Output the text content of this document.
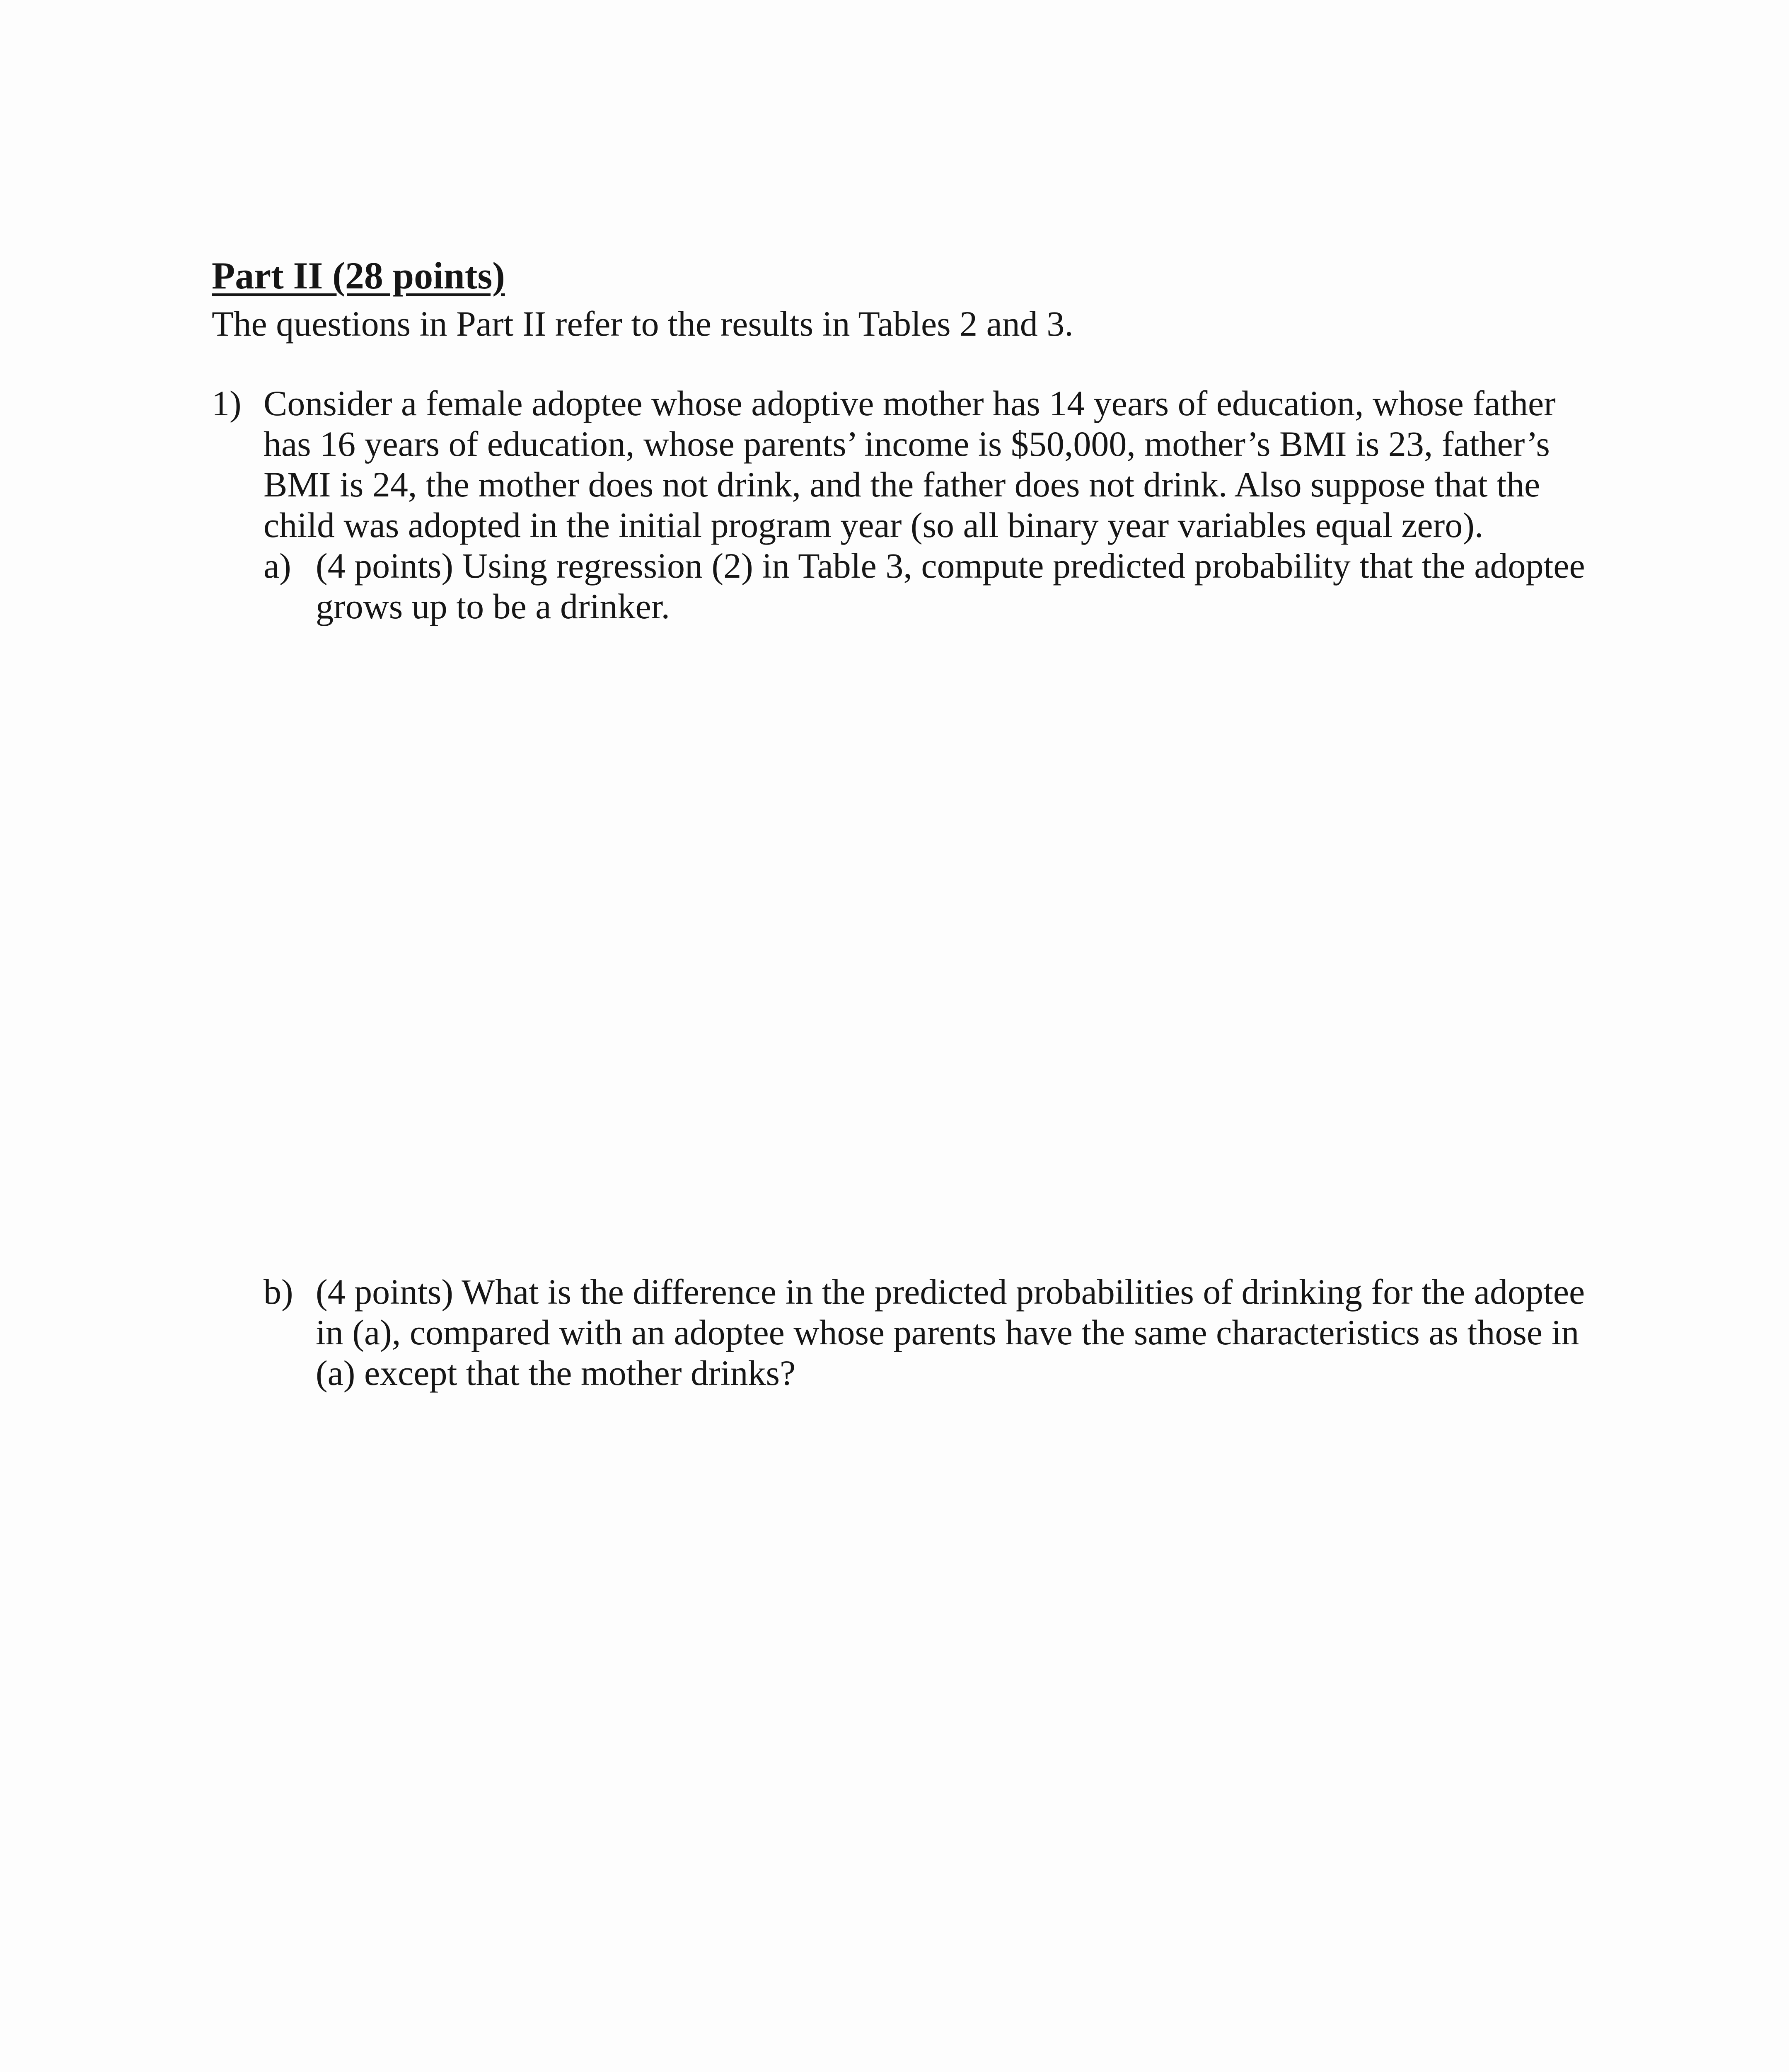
Part II (28 points)

The questions in Part II refer to the results in Tables 2 and 3.

1) Consider a female adoptee whose adoptive mother has 14 years of education, whose father
has 16 years of education, whose parents’ income is $50,000, mother’s BMI is 23, father’s
BMI is 24, the mother does not drink, and the father does not drink. Also suppose that the
child was adopted in the initial program year (so all binary year variables equal zero).

a) (4 points) Using regression (2) in Table 3, compute predicted probability that the adoptee
grows up to be a drinker.

b) (4 points) What is the difference in the predicted probabilities of drinking for the adoptee
in (a), compared with an adoptee whose parents have the same characteristics as those in
(a) except that the mother drinks?
